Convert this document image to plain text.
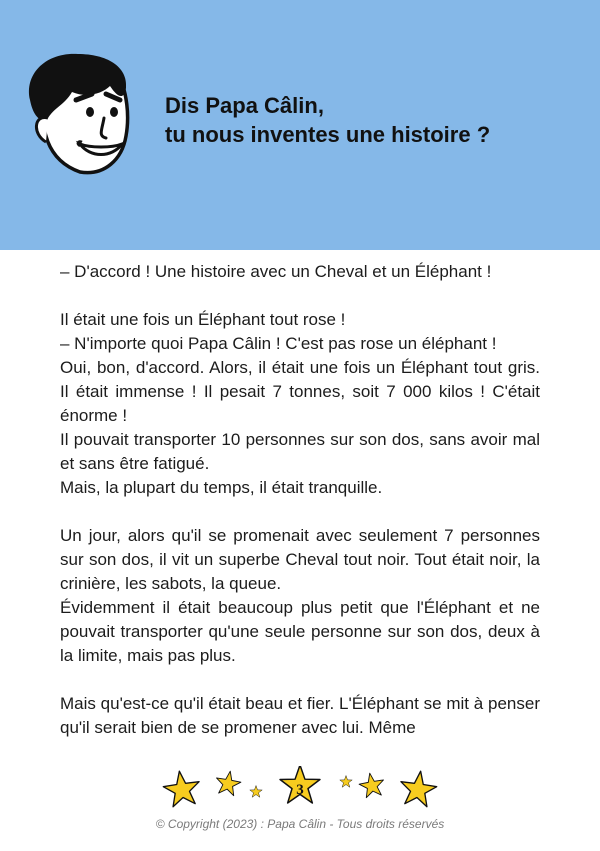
Dis Papa Câlin,
tu nous inventes une histoire ?

– D'accord ! Une histoire avec un Cheval et un Éléphant !

Il était une fois un Éléphant tout rose !
– N'importe quoi Papa Câlin ! C'est pas rose un éléphant !
Oui, bon, d'accord. Alors, il était une fois un Éléphant tout gris. Il était immense ! Il pesait 7 tonnes, soit 7 000 kilos ! C'était énorme !
Il pouvait transporter 10 personnes sur son dos, sans avoir mal et sans être fatigué.
Mais, la plupart du temps, il était tranquille.

Un jour, alors qu'il se promenait avec seulement 7 personnes sur son dos, il vit un superbe Cheval tout noir. Tout était noir, la crinière, les sabots, la queue.
Évidemment il était beaucoup plus petit que l'Éléphant et ne pouvait transporter qu'une seule personne sur son dos, deux à la limite, mais pas plus.

Mais qu'est-ce qu'il était beau et fier. L'Éléphant se mit à penser qu'il serait bien de se promener avec lui. Même

3
© Copyright (2023) : Papa Câlin - Tous droits réservés
